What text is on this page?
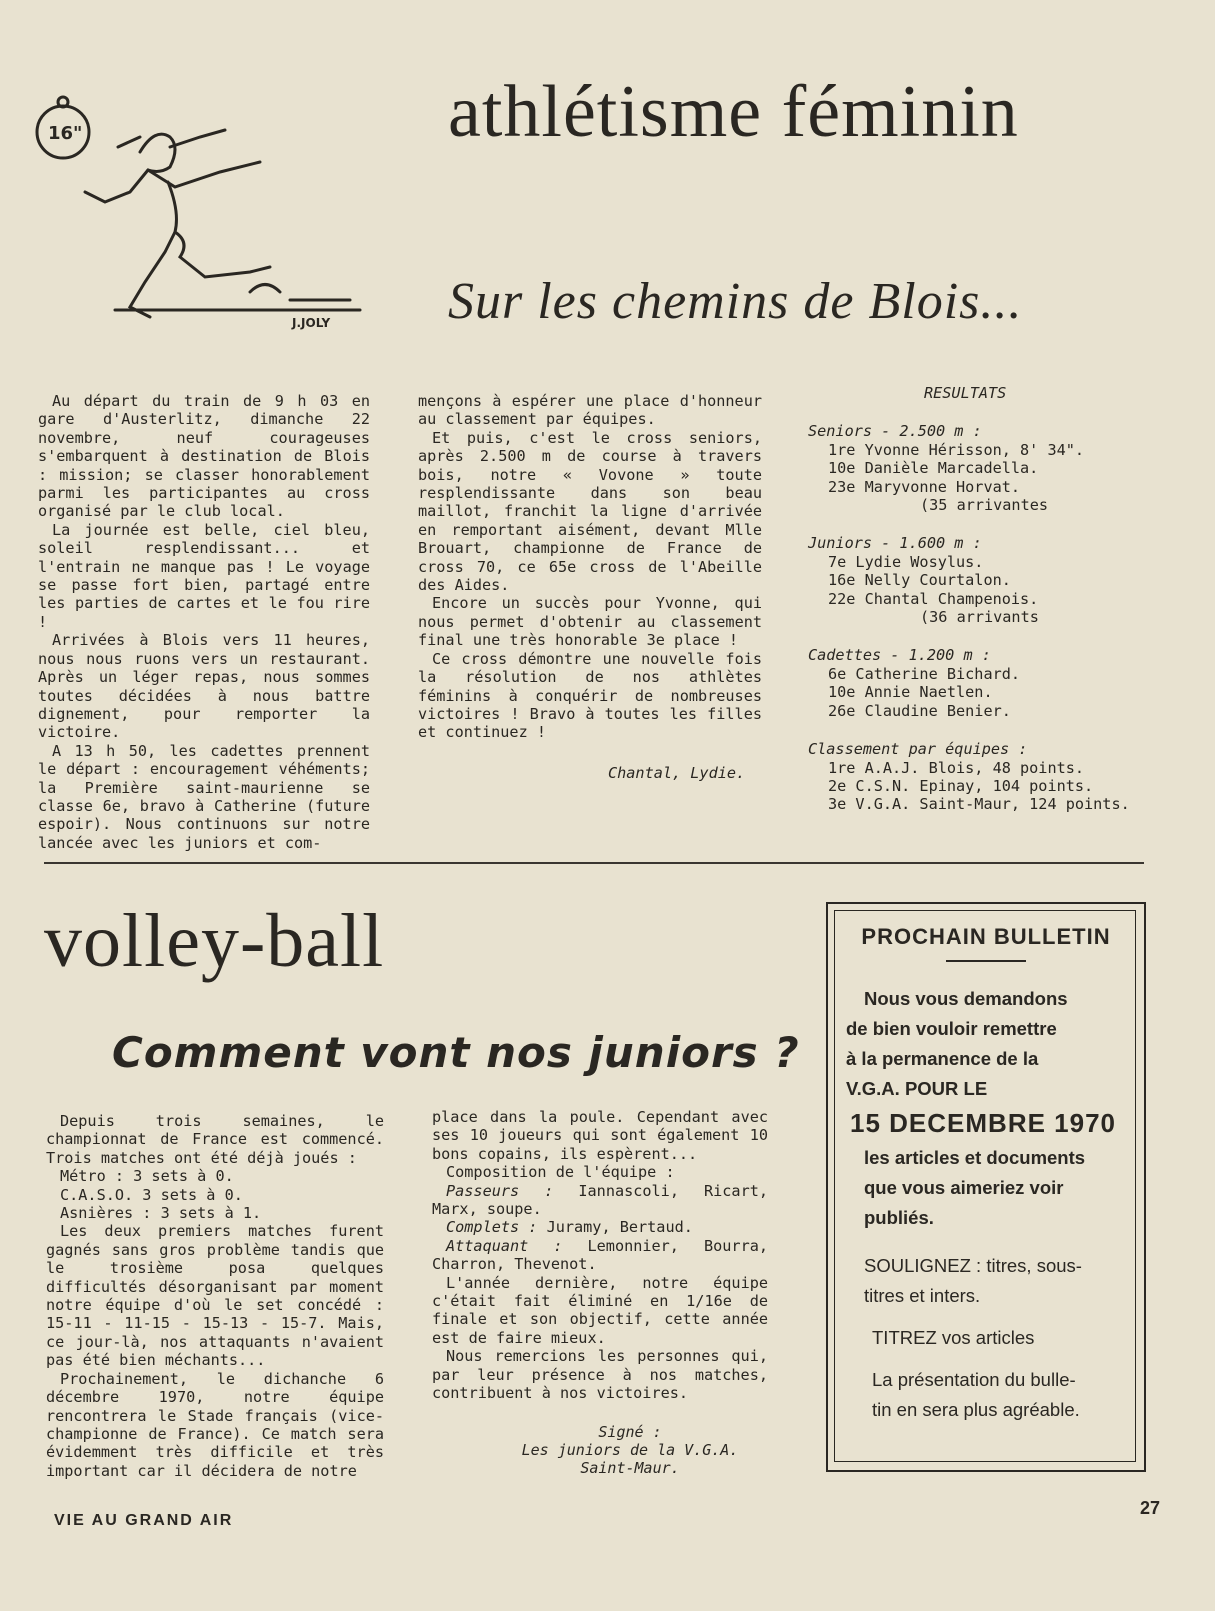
16"
J.JOLY
athlétisme féminin
Sur les chemins de Blois...

Au départ du train de 9 h 03 en gare d'Austerlitz, dimanche 22 novembre, neuf courageuses s'embarquent à destination de Blois : mission; se classer honorablement parmi les participantes au cross organisé par le club local.

La journée est belle, ciel bleu, soleil resplendissant... et l'entrain ne manque pas ! Le voyage se passe fort bien, partagé entre les parties de cartes et le fou rire !

Arrivées à Blois vers 11 heures, nous nous ruons vers un restaurant. Après un léger repas, nous sommes toutes décidées à nous battre dignement, pour remporter la victoire.

A 13 h 50, les cadettes prennent le départ : encouragement véhéments; la Première saint-maurienne se classe 6e, bravo à Catherine (future espoir). Nous continuons sur notre lancée avec les juniors et com-

mençons à espérer une place d'honneur au classement par équipes.

Et puis, c'est le cross seniors, après 2.500 m de course à travers bois, notre « Vovone » toute resplendissante dans son beau maillot, franchit la ligne d'arrivée en remportant aisément, devant Mlle Brouart, championne de France de cross 70, ce 65e cross de l'Abeille des Aides.

Encore un succès pour Yvonne, qui nous permet d'obtenir au classement final une très honorable 3e place !

Ce cross démontre une nouvelle fois la résolution de nos athlètes féminins à conquérir de nombreuses victoires ! Bravo à toutes les filles et continuez !

Chantal, Lydie.
RESULTATS
Seniors - 2.500 m :
1re Yvonne Hérisson, 8' 34".
10e Danièle Marcadella.
23e Maryvonne Horvat.
(35 arrivantes
Juniors - 1.600 m :
7e Lydie Wosylus.
16e Nelly Courtalon.
22e Chantal Champenois.
(36 arrivants
Cadettes - 1.200 m :
6e Catherine Bichard.
10e Annie Naetlen.
26e Claudine Benier.
Classement par équipes :
1re A.A.J. Blois, 48 points.
2e C.S.N. Epinay, 104 points.
3e V.G.A. Saint-Maur, 124 points.
volley-ball
Comment vont nos juniors ?

Depuis trois semaines, le championnat de France est commencé. Trois matches ont été déjà joués :

Métro : 3 sets à 0.

C.A.S.O. 3 sets à 0.

Asnières : 3 sets à 1.

Les deux premiers matches furent gagnés sans gros problème tandis que le trosième posa quelques difficultés désorganisant par moment notre équipe d'où le set concédé : 15-11 - 11-15 - 15-13 - 15-7. Mais, ce jour-là, nos attaquants n'avaient pas été bien méchants...

Prochainement, le dichanche 6 décembre 1970, notre équipe rencontrera le Stade français (vice-championne de France). Ce match sera évidemment très difficile et très important car il décidera de notre

place dans la poule. Cependant avec ses 10 joueurs qui sont également 10 bons copains, ils espèrent...

Composition de l'équipe :

Passeurs : Iannascoli, Ricart, Marx, soupe.

Complets : Juramy, Bertaud.

Attaquant : Lemonnier, Bourra, Charron, Thevenot.

L'année dernière, notre équipe c'était fait éliminé en 1/16e de finale et son objectif, cette année est de faire mieux.

Nous remercions les personnes qui, par leur présence à nos matches, contribuent à nos victoires.

Signé :
Les juniors de la V.G.A.
Saint-Maur.
PROCHAIN BULLETIN
Nous vous demandons
de bien vouloir remettre
à la permanence de la
V.G.A. POUR LE
15 DECEMBRE 1970
les articles et documents
que vous aimeriez voir
publiés.
SOULIGNEZ : titres, sous-
titres et inters.
TITREZ vos articles
La présentation du bulle-
tin en sera plus agréable.
VIE AU GRAND AIR
27
